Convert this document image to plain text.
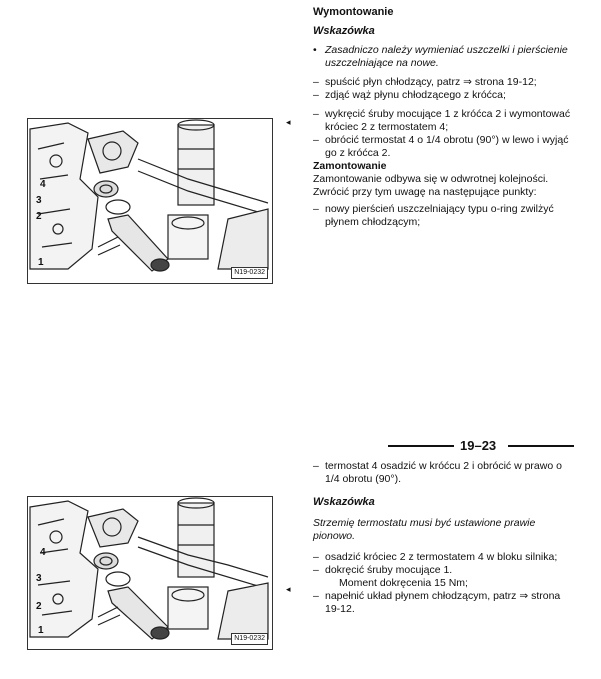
4
3
2
1
N19-0232
◂
Wymontowanie
Wskazówka
• Zasadniczo należy wymieniać uszczelki i pierścienie uszczelniające na nowe.
– spuścić płyn chłodzący, patrz ⇒ strona 19-12;
– zdjąć wąż płynu chłodzącego z króćca;
– wykręcić śruby mocujące 1 z króćca 2 i wymontować króciec 2 z termostatem 4;
– obrócić termostat 4 o 1/4 obrotu (90°) w lewo i wyjąć go z króćca 2.
Zamontowanie
Zamontowanie odbywa się w odwrotnej kolejności. Zwrócić przy tym uwagę na następujące punkty:
– nowy pierścień uszczelniający typu o-ring zwilżyć płynem chłodzącym;
19–23
4
3
2
1
N19-0232
◂
– termostat 4 osadzić w króćcu 2 i obrócić w prawo o 1/4 obrotu (90°).
Wskazówka
Strzemię termostatu musi być ustawione prawie pionowo.
– osadzić króciec 2 z termostatem 4 w bloku silnika;
– dokręcić śruby mocujące 1.
Moment dokręcenia 15 Nm;
– napełnić układ płynem chłodzącym, patrz ⇒ strona 19-12.
